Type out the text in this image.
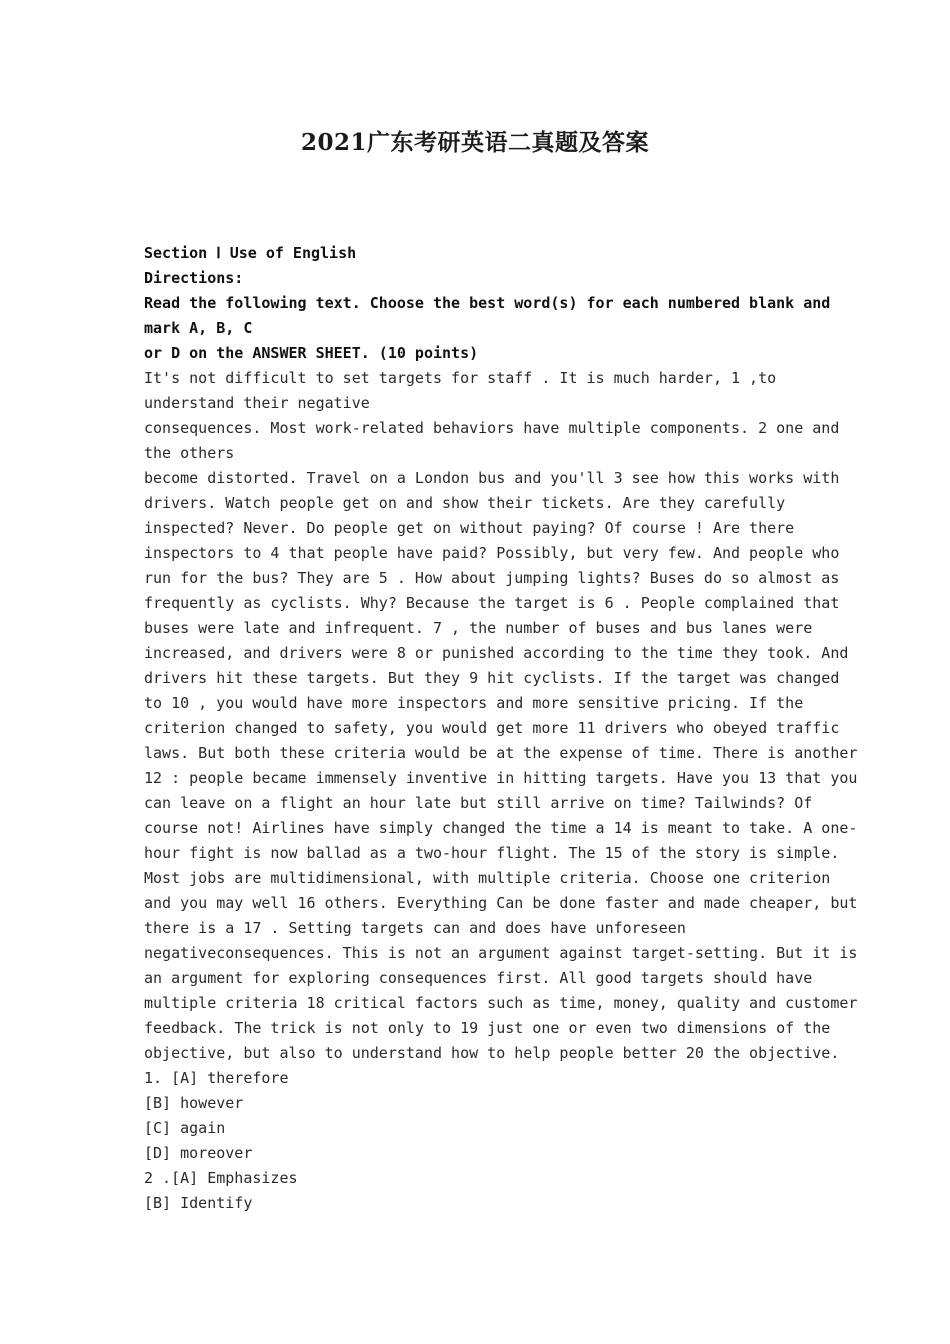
2021广东考研英语二真题及答案
Section Ⅰ Use of English
Directions:
Read the following text. Choose the best word(s) for each numbered blank and
mark A, B, C
or D on the ANSWER SHEET. (10 points)
It's not difficult to set targets for staff . It is much harder, 1 ,to
understand their negative
consequences. Most work-related behaviors have multiple components. 2 one and
the others
become distorted. Travel on a London bus and you'll 3 see how this works with
drivers. Watch people get on and show their tickets. Are they carefully
inspected? Never. Do people get on without paying? Of course ! Are there
inspectors to 4 that people have paid? Possibly, but very few. And people who
run for the bus? They are 5 . How about jumping lights? Buses do so almost as
frequently as cyclists. Why? Because the target is 6 . People complained that
buses were late and infrequent. 7 , the number of buses and bus lanes were
increased, and drivers were 8 or punished according to the time they took. And
drivers hit these targets. But they 9 hit cyclists. If the target was changed
to 10 , you would have more inspectors and more sensitive pricing. If the
criterion changed to safety, you would get more 11 drivers who obeyed traffic
laws. But both these criteria would be at the expense of time. There is another
12 : people became immensely inventive in hitting targets. Have you 13 that you
can leave on a flight an hour late but still arrive on time? Tailwinds? Of
course not! Airlines have simply changed the time a 14 is meant to take. A one-
hour fight is now ballad as a two-hour flight. The 15 of the story is simple.
Most jobs are multidimensional, with multiple criteria. Choose one criterion
and you may well 16 others. Everything Can be done faster and made cheaper, but
there is a 17 . Setting targets can and does have unforeseen
negativeconsequences. This is not an argument against target-setting. But it is
an argument for exploring consequences first. All good targets should have
multiple criteria 18 critical factors such as time, money, quality and customer
feedback. The trick is not only to 19 just one or even two dimensions of the
objective, but also to understand how to help people better 20 the objective.
1. [A] therefore
[B] however
[C] again
[D] moreover
2 .[A] Emphasizes
[B] Identify
